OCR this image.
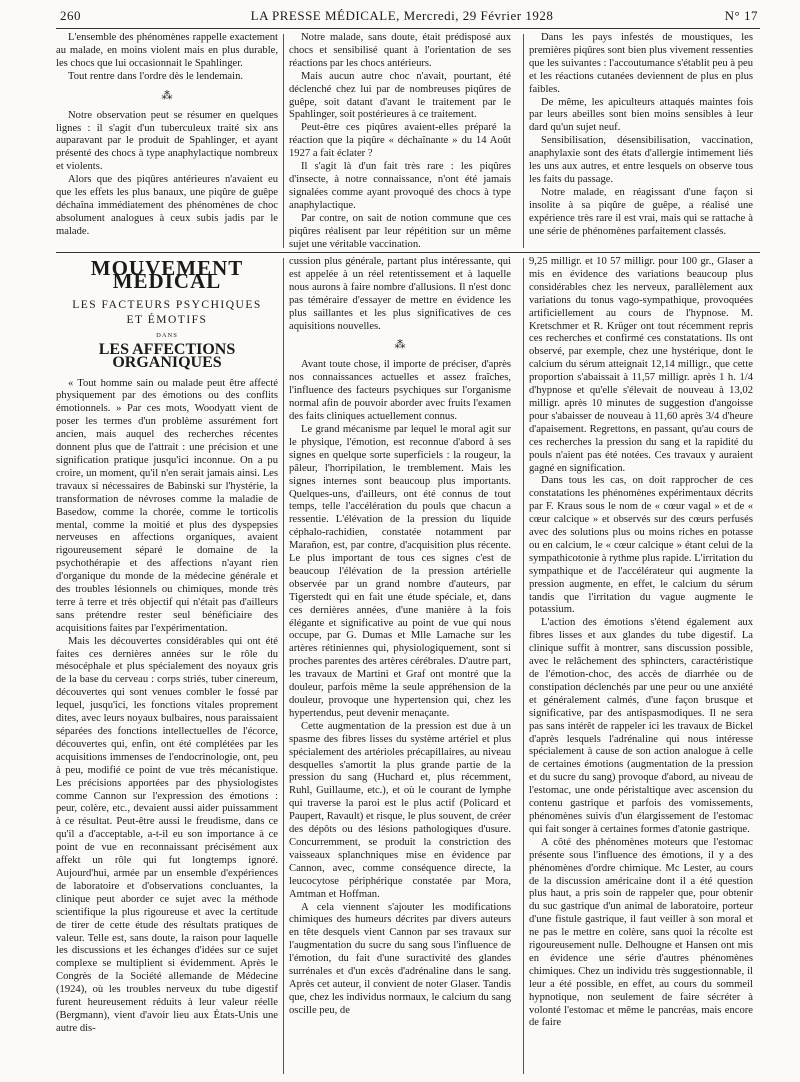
260	LA PRESSE MÉDICALE, Mercredi, 29 Février 1928	N° 17

L'ensemble des phénomènes rappelle exactement au malade, en moins violent mais en plus durable, les chocs que lui occasionnait le Spahlinger.

Tout rentre dans l'ordre dès le lendemain.

⁂

Notre observation peut se résumer en quelques lignes : il s'agit d'un tuberculeux traité six ans auparavant par le produit de Spahlinger, et ayant présenté des chocs à type anaphylactique nombreux et violents.

Alors que des piqûres antérieures n'avaient eu que les effets les plus banaux, une piqûre de guêpe déchaîna immédiatement des phénomènes de choc absolument analogues à ceux subis jadis par le malade.

Notre malade, sans doute, était prédisposé aux chocs et sensibilisé quant à l'orientation de ses réactions par les chocs antérieurs.

Mais aucun autre choc n'avait, pourtant, été déclenché chez lui par de nombreuses piqûres de guêpe, soit datant d'avant le traitement par le Spahlinger, soit postérieures à ce traitement.

Peut-être ces piqûres avaient-elles préparé la réaction que la piqûre « déchaînante » du 14 Août 1927 a fait éclater ?

Il s'agit là d'un fait très rare : les piqûres d'insecte, à notre connaissance, n'ont été jamais signalées comme ayant provoqué des chocs à type anaphylactique.

Par contre, on sait de notion commune que ces piqûres réalisent par leur répétition sur un même sujet une véritable vaccination.

Dans les pays infestés de moustiques, les premières piqûres sont bien plus vivement ressenties que les suivantes : l'accoutumance s'établit peu à peu et les réactions cutanées deviennent de plus en plus faibles.

De même, les apiculteurs attaqués maintes fois par leurs abeilles sont bien moins sensibles à leur dard qu'un sujet neuf.

Sensibilisation, désensibilisation, vaccination, anaphylaxie sont des états d'allergie intimement liés les uns aux autres, et entre lesquels on observe tous les faits du passage.

Notre malade, en réagissant d'une façon si insolite à sa piqûre de guêpe, a réalisé une expérience très rare il est vrai, mais qui se rattache à une série de phénomènes parfaitement classés.

MOUVEMENT MÉDICAL
LES FACTEURS PSYCHIQUES
ET ÉMOTIFS
DANS
LES AFFECTIONS ORGANIQUES

« Tout homme sain ou malade peut être affecté physiquement par des émotions ou des conflits émotionnels. » Par ces mots, Woodyatt vient de poser les termes d'un problème assurément fort ancien, mais auquel des recherches récentes donnent plus que de l'attrait : une précision et une signification pratique jusqu'ici inconnue. On a pu croire, un moment, qu'il n'en serait jamais ainsi. Les travaux si nécessaires de Babinski sur l'hystérie, la transformation de névroses comme la maladie de Basedow, comme la chorée, comme le torticolis mental, comme la moitié et plus des dyspepsies nerveuses en affections organiques, avaient rigoureusement séparé le domaine de la psychothérapie et des affections n'ayant rien d'organique du monde de la médecine générale et des troubles lésionnels ou chimiques, monde très terre à terre et très objectif qui n'était pas d'ailleurs sans prétendre rester seul bénéficiaire des acquisitions faites par l'expérimentation.

Mais les découvertes considérables qui ont été faites ces dernières années sur le rôle du mésocéphale et plus spécialement des noyaux gris de la base du cerveau : corps striés, tuber cinereum, découvertes qui sont venues combler le fossé par lequel, jusqu'ici, les fonctions vitales proprement dites, avec leurs noyaux bulbaires, nous paraissaient séparées des fonctions intellectuelles de l'écorce, découvertes qui, enfin, ont été complétées par les acquisitions immenses de l'endocrinologie, ont, peu à peu, modifié ce point de vue très mécanistique. Les précisions apportées par des physiologistes comme Cannon sur l'expression des émotions : peur, colère, etc., devaient aussi aider puissamment à ce résultat. Peut-être aussi le freudisme, dans ce qu'il a d'acceptable, a-t-il eu son importance à ce point de vue en reconnaissant précisément aux affekt un rôle qui fut longtemps ignoré. Aujourd'hui, armée par un ensemble d'expériences de laboratoire et d'observations concluantes, la clinique peut aborder ce sujet avec la méthode scientifique la plus rigoureuse et avec la certitude de tirer de cette étude des résultats pratiques de valeur. Telle est, sans doute, la raison pour laquelle les discussions et les échanges d'idées sur ce sujet complexe se multiplient si évidemment. Après le Congrès de la Société allemande de Médecine (1924), où les troubles nerveux du tube digestif furent heureusement réduits à leur valeur réelle (Bergmann), vient d'avoir lieu aux États-Unis une autre dis-

cussion plus générale, partant plus intéressante, qui est appelée à un réel retentissement et à laquelle nous aurons à faire nombre d'allusions. Il n'est donc pas téméraire d'essayer de mettre en évidence les plus saillantes et les plus significatives de ces aquisitions nouvelles.

⁂

Avant toute chose, il importe de préciser, d'après nos connaissances actuelles et assez fraîches, l'influence des facteurs psychiques sur l'organisme normal afin de pouvoir aborder avec fruits l'examen des faits cliniques actuellement connus.

Le grand mécanisme par lequel le moral agit sur le physique, l'émotion, est reconnue d'abord à ses signes en quelque sorte superficiels : la rougeur, la pâleur, l'horripilation, le tremblement. Mais les signes internes sont beaucoup plus importants. Quelques-uns, d'ailleurs, ont été connus de tout temps, telle l'accélération du pouls que chacun a ressentie. L'élévation de la pression du liquide céphalo-rachidien, constatée notamment par Marañon, est, par contre, d'acquisition plus récente. Le plus important de tous ces signes c'est de beaucoup l'élévation de la pression artérielle observée par un grand nombre d'auteurs, par Tigerstedt qui en fait une étude spéciale, et, dans ces dernières années, d'une manière à la fois élégante et significative au point de vue qui nous occupe, par G. Dumas et Mlle Lamache sur les artères rétiniennes qui, physiologiquement, sont si proches parentes des artères cérébrales. D'autre part, les travaux de Martini et Graf ont montré que la douleur, parfois même la seule appréhension de la douleur, provoque une hypertension qui, chez les hypertendus, peut devenir menaçante.

Cette augmentation de la pression est due à un spasme des fibres lisses du système artériel et plus spécialement des artérioles précapillaires, au niveau desquelles s'amortit la plus grande partie de la pression du sang (Huchard et, plus récemment, Ruhl, Guillaume, etc.), et où le courant de lymphe qui traverse la paroi est le plus actif (Policard et Paupert, Ravault) et risque, le plus souvent, de créer des dépôts ou des lésions pathologiques d'usure. Concurremment, se produit la constriction des vaisseaux splanchniques mise en évidence par Cannon, avec, comme conséquence directe, la leucocytose périphérique constatée par Mora, Amtman et Hoffman.

A cela viennent s'ajouter les modifications chimiques des humeurs décrites par divers auteurs en tête desquels vient Cannon par ses travaux sur l'augmentation du sucre du sang sous l'influence de l'émotion, du fait d'une suractivité des glandes surrénales et d'un excès d'adrénaline dans le sang. Après cet auteur, il convient de noter Glaser. Tandis que, chez les individus normaux, le calcium du sang oscille peu, de

9,25 milligr. et 10 57 milligr. pour 100 gr., Glaser a mis en évidence des variations beaucoup plus considérables chez les nerveux, parallèlement aux variations du tonus vago-sympathique, provoquées artificiellement au cours de l'hypnose. M. Kretschmer et R. Krüger ont tout récemment repris ces recherches et confirmé ces constatations. Ils ont observé, par exemple, chez une hystérique, dont le calcium du sérum atteignait 12,14 milligr., que cette proportion s'abaissait à 11,57 milligr. après 1 h. 1/4 d'hypnose et qu'elle s'élevait de nouveau à 13,02 milligr. après 10 minutes de suggestion d'angoisse pour s'abaisser de nouveau à 11,60 après 3/4 d'heure d'apaisement. Regrettons, en passant, qu'au cours de ces recherches la pression du sang et la rapidité du pouls n'aient pas été notées. Ces travaux y auraient gagné en signification.

Dans tous les cas, on doit rapprocher de ces constatations les phénomènes expérimentaux décrits par F. Kraus sous le nom de « cœur vagal » et de « cœur calcique » et observés sur des cœurs perfusés avec des solutions plus ou moins riches en potasse ou en calcium, le « cœur calcique » étant celui de la sympathicotonie à rythme plus rapide. L'irritation du sympathique et de l'accélérateur qui augmente la pression augmente, en effet, le calcium du sérum tandis que l'irritation du vague augmente le potassium.

L'action des émotions s'étend également aux fibres lisses et aux glandes du tube digestif. La clinique suffit à montrer, sans discussion possible, avec le relâchement des sphincters, caractéristique de l'émotion-choc, des accès de diarrhée ou de constipation déclenchés par une peur ou une anxiété et généralement calmés, d'une façon brusque et significative, par des antispasmodiques. Il ne sera pas sans intérêt de rappeler ici les travaux de Bickel d'après lesquels l'adrénaline qui nous intéresse spécialement à cause de son action analogue à celle de certaines émotions (augmentation de la pression et du sucre du sang) provoque d'abord, au niveau de l'estomac, une onde péristaltique avec ascension du contenu gastrique et parfois des vomissements, phénomènes suivis d'un élargissement de l'estomac qui fait songer à certaines formes d'atonie gastrique.

A côté des phénomènes moteurs que l'estomac présente sous l'influence des émotions, il y a des phénomènes d'ordre chimique. Mc Lester, au cours de la discussion américaine dont il a été question plus haut, a pris soin de rappeler que, pour obtenir du suc gastrique d'un animal de laboratoire, porteur d'une fistule gastrique, il faut veiller à son moral et ne pas le mettre en colère, sans quoi la récolte est rigoureusement nulle. Delhougne et Hansen ont mis en évidence une série d'autres phénomènes chimiques. Chez un individu très suggestionnable, il leur a été possible, en effet, au cours du sommeil hypnotique, non seulement de faire sécréter à volonté l'estomac et même le pancréas, mais encore de faire
